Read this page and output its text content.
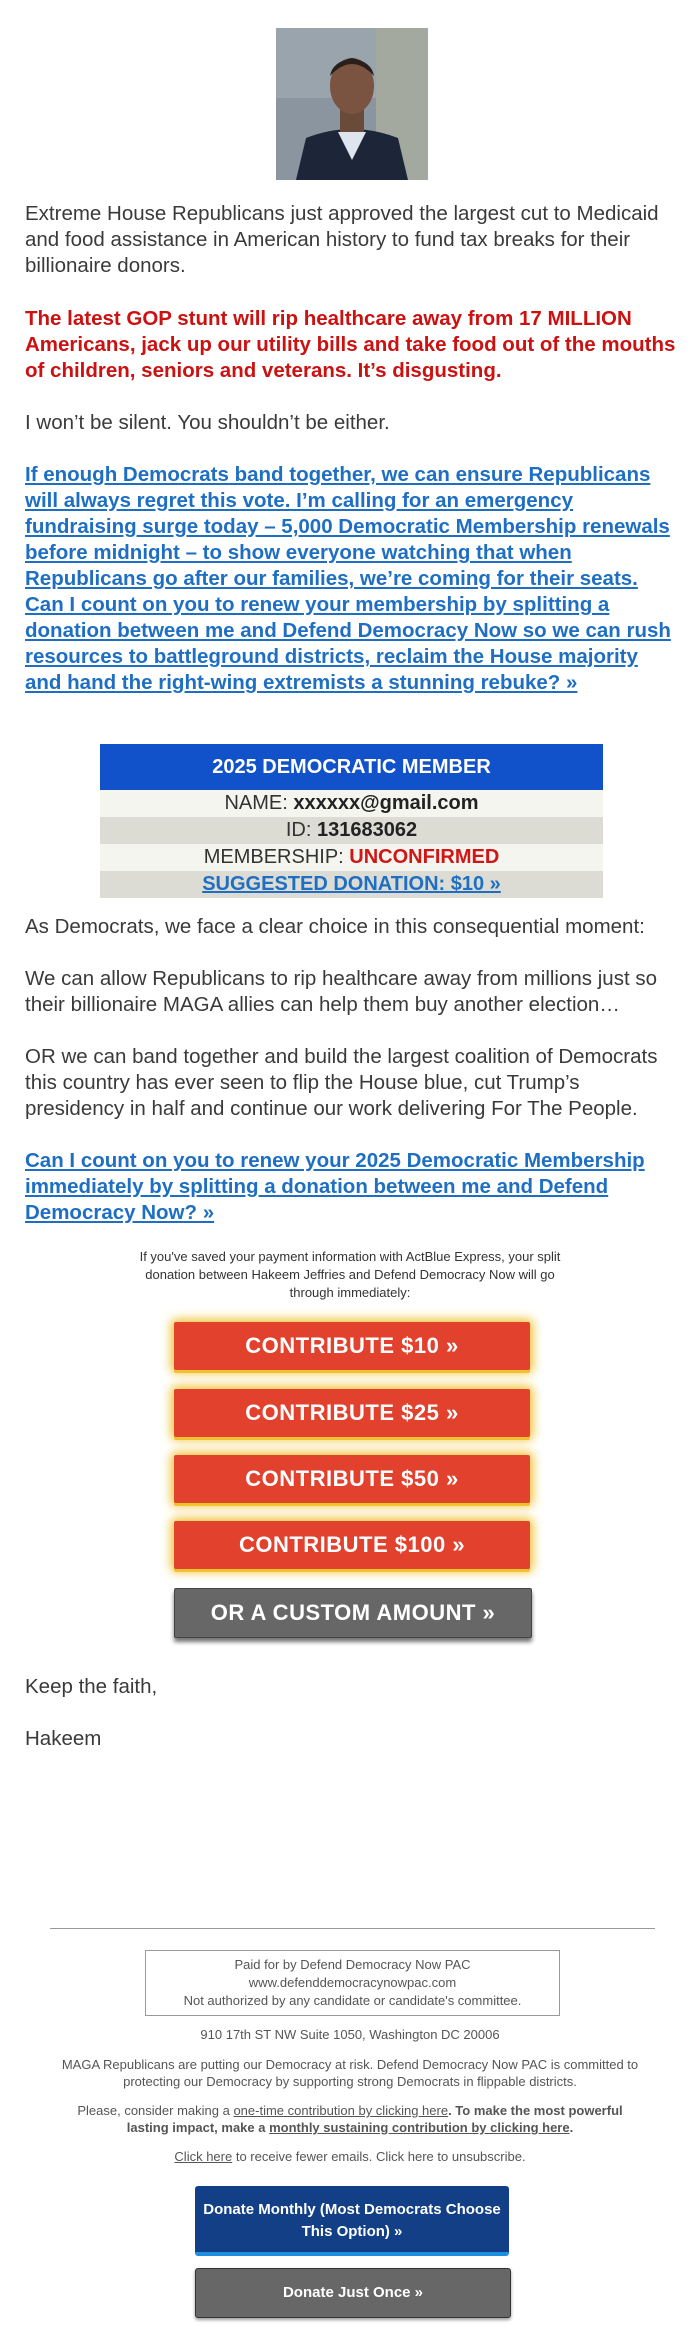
Extreme House Republicans just approved the largest cut to Medicaid and food assistance in American history to fund tax breaks for their billionaire donors.

The latest GOP stunt will rip healthcare away from 17 MILLION Americans, jack up our utility bills and take food out of the mouths of children, seniors and veterans. It’s disgusting.

I won’t be silent. You shouldn’t be either.

If enough Democrats band together, we can ensure Republicans will always regret this vote. I’m calling for an emergency fundraising surge today – 5,000 Democratic Membership renewals before midnight – to show everyone watching that when Republicans go after our families, we’re coming for their seats. Can I count on you to renew your membership by splitting a donation between me and Defend Democracy Now so we can rush resources to battleground districts, reclaim the House majority and hand the right-wing extremists a stunning rebuke? »

2025 DEMOCRATIC MEMBER
NAME: xxxxxx@gmail.com
ID: 131683062
MEMBERSHIP: UNCONFIRMED
SUGGESTED DONATION: $10 »

As Democrats, we face a clear choice in this consequential moment:

We can allow Republicans to rip healthcare away from millions just so their billionaire MAGA allies can help them buy another election…

OR we can band together and build the largest coalition of Democrats this country has ever seen to flip the House blue, cut Trump’s presidency in half and continue our work delivering For The People.

Can I count on you to renew your 2025 Democratic Membership immediately by splitting a donation between me and Defend Democracy Now? »

If you've saved your payment information with ActBlue Express, your split donation between Hakeem Jeffries and Defend Democracy Now will go through immediately:
CONTRIBUTE $10 »
CONTRIBUTE $25 »
CONTRIBUTE $50 »
CONTRIBUTE $100 »
OR A CUSTOM AMOUNT »

Keep the faith,

Hakeem

Paid for by Defend Democracy Now PAC
www.defenddemocracynowpac.com
Not authorized by any candidate or candidate's committee.
910 17th ST NW Suite 1050, Washington DC 20006
MAGA Republicans are putting our Democracy at risk. Defend Democracy Now PAC is committed to protecting our Democracy by supporting strong Democrats in flippable districts.
Please, consider making a one-time contribution by clicking here. To make the most powerful lasting impact, make a monthly sustaining contribution by clicking here.
Click here to receive fewer emails. Click here to unsubscribe.
Donate Monthly (Most Democrats Choose This Option) »
Donate Just Once »
